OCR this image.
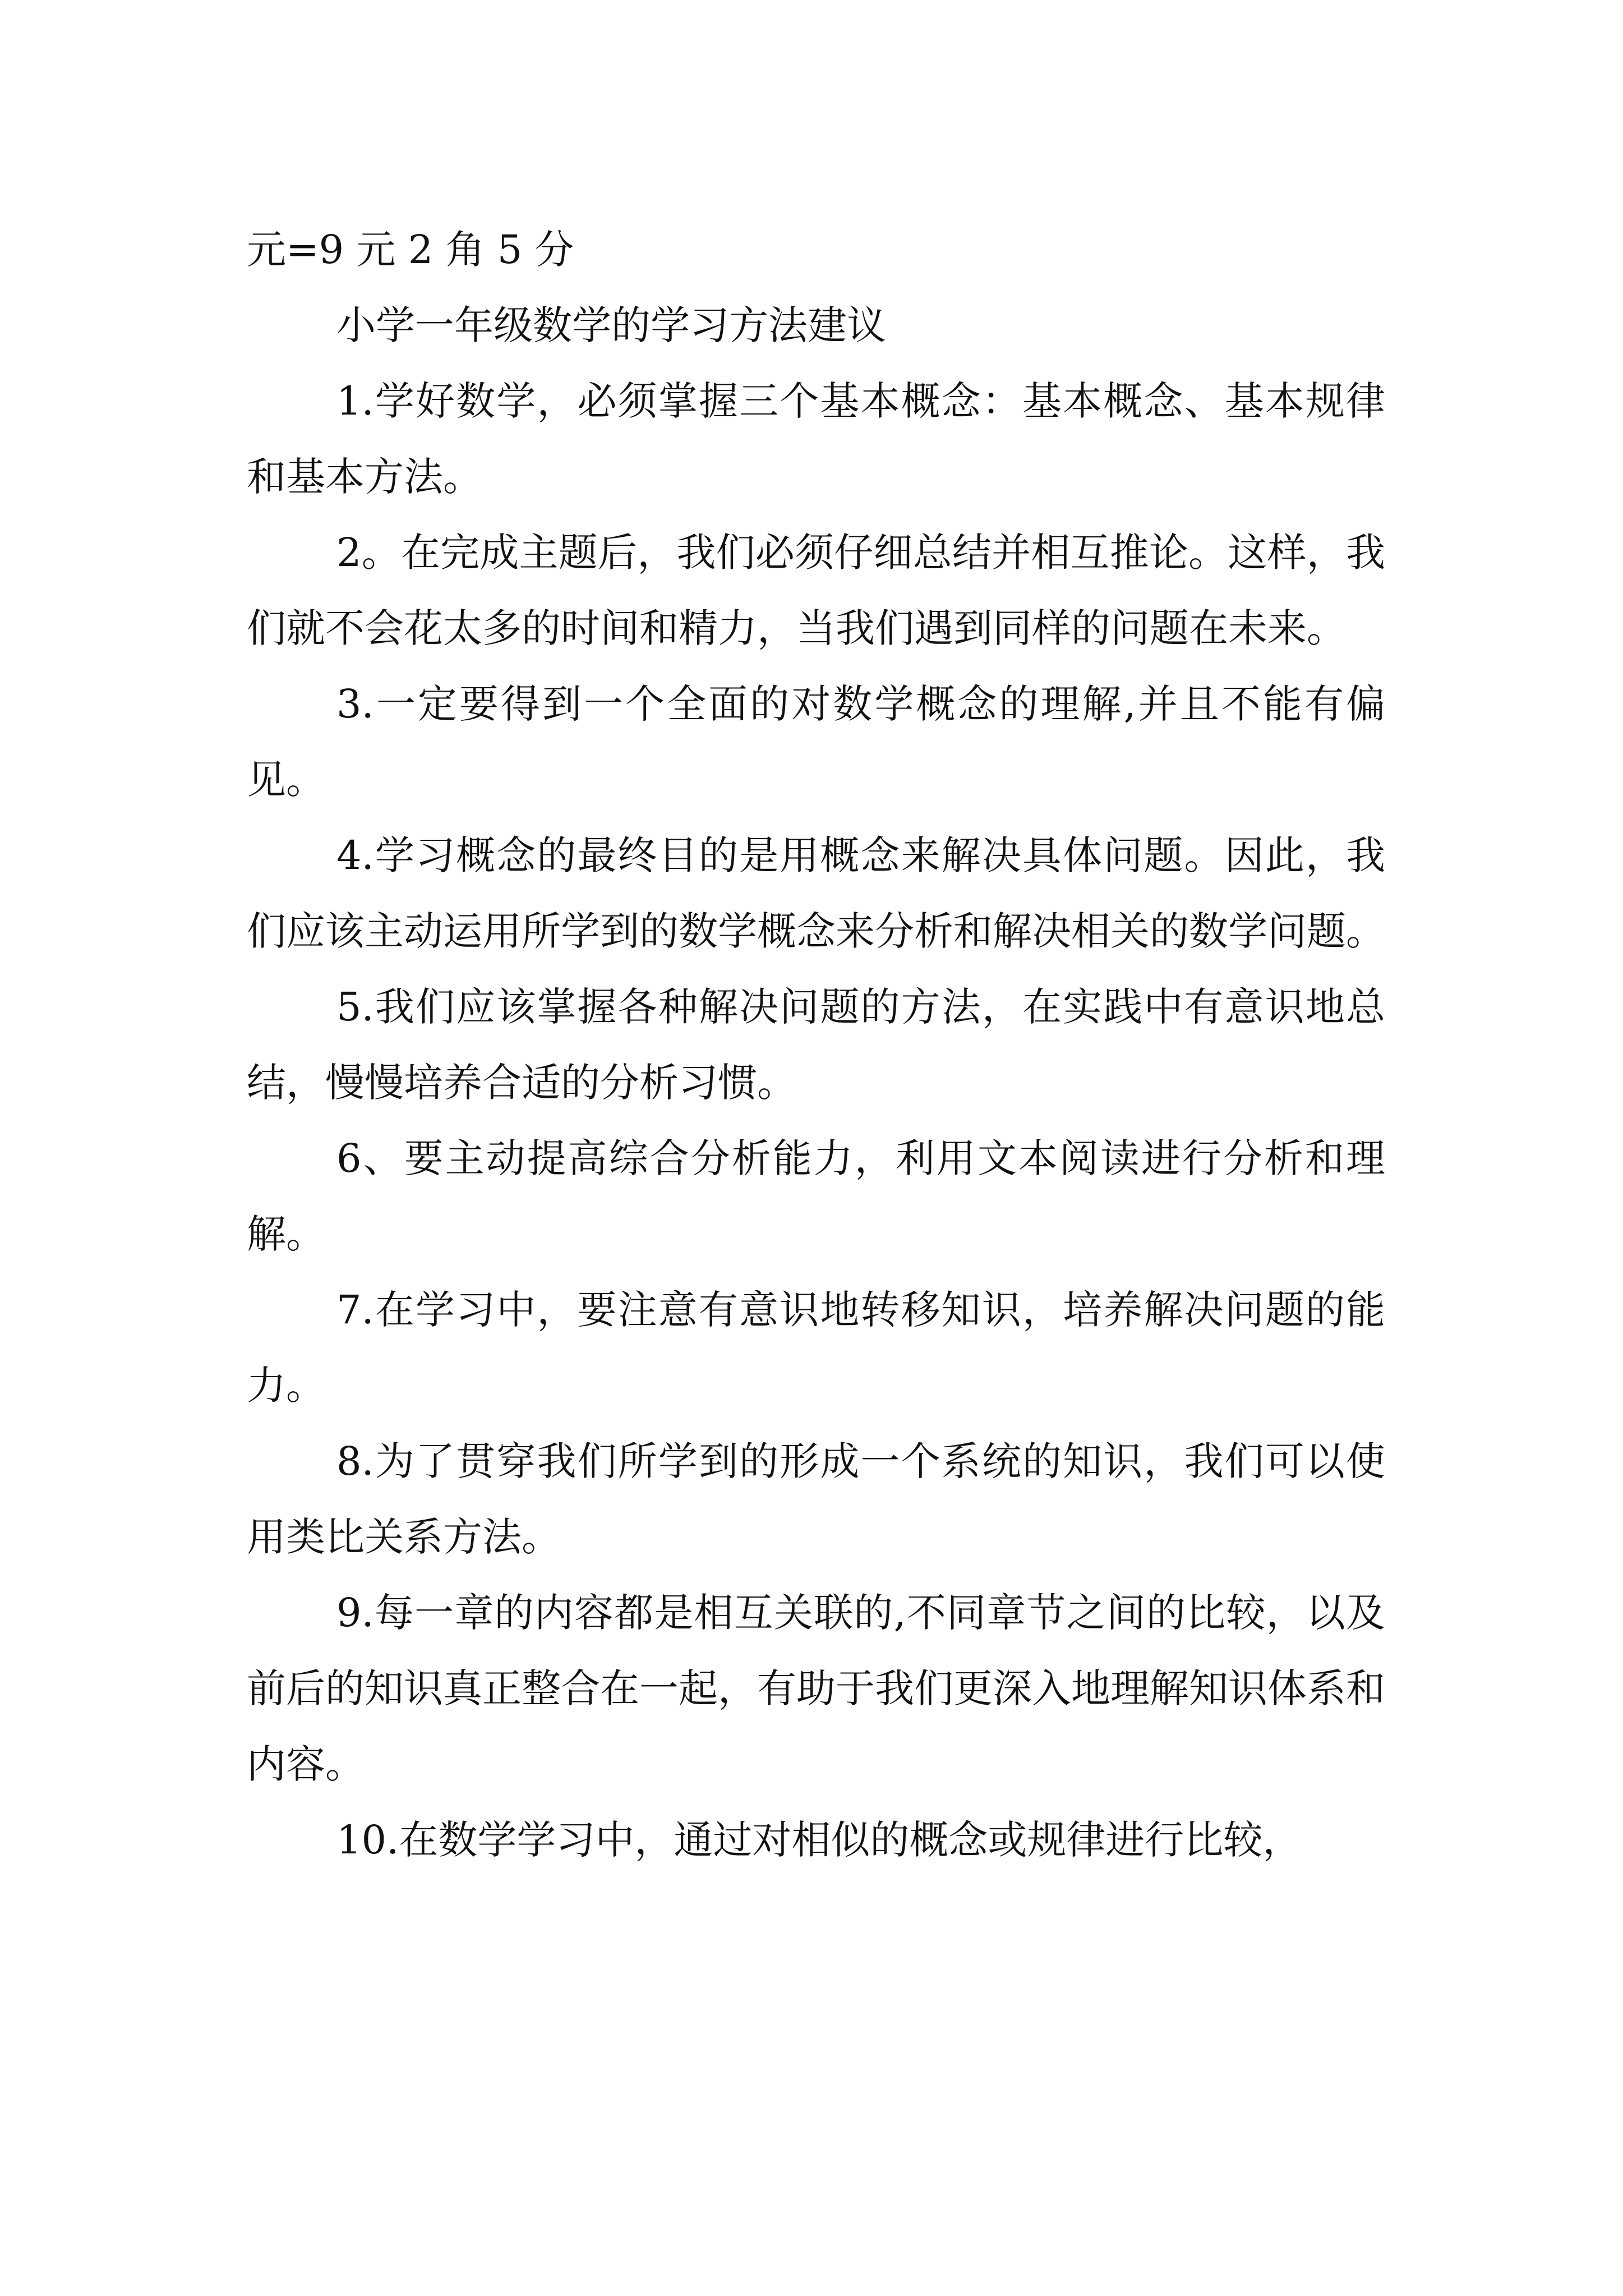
元=9 元 2 角 5 分
小学一年级数学的学习方法建议
1.学好数学，必须掌握三个基本概念：基本概念、基本规律和基本方法。
2。在完成主题后，我们必须仔细总结并相互推论。这样，我们就不会花太多的时间和精力，当我们遇到同样的问题在未来。
3.一定要得到一个全面的对数学概念的理解,并且不能有偏见。
4.学习概念的最终目的是用概念来解决具体问题。因此，我们应该主动运用所学到的数学概念来分析和解决相关的数学问题。
5.我们应该掌握各种解决问题的方法，在实践中有意识地总结，慢慢培养合适的分析习惯。
6、要主动提高综合分析能力，利用文本阅读进行分析和理解。
7.在学习中，要注意有意识地转移知识，培养解决问题的能力。
8.为了贯穿我们所学到的形成一个系统的知识，我们可以使用类比关系方法。
9.每一章的内容都是相互关联的,不同章节之间的比较，以及前后的知识真正整合在一起，有助于我们更深入地理解知识体系和内容。
10.在数学学习中，通过对相似的概念或规律进行比较，
